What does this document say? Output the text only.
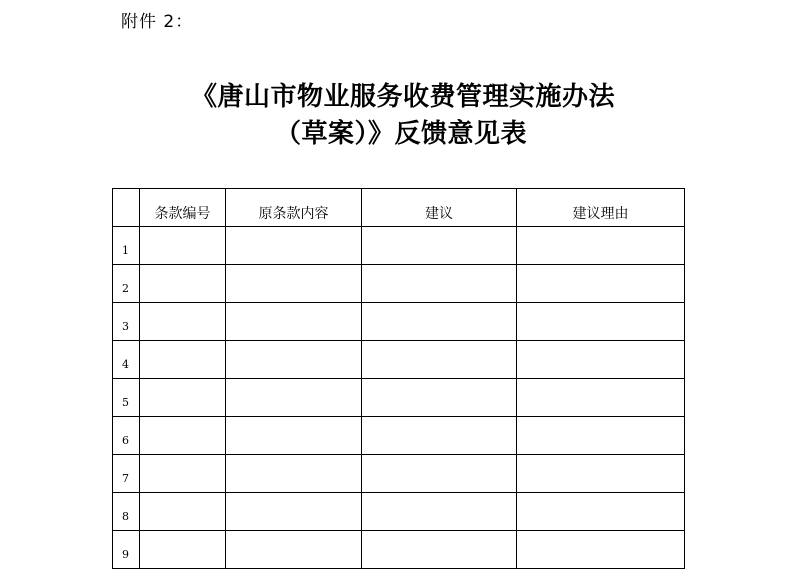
附件 2：
《唐山市物业服务收费管理实施办法
（草案）》反馈意见表
	条款编号	原条款内容	建议	建议理由
1				
2				
3				
4				
5				
6				
7				
8				
9				
